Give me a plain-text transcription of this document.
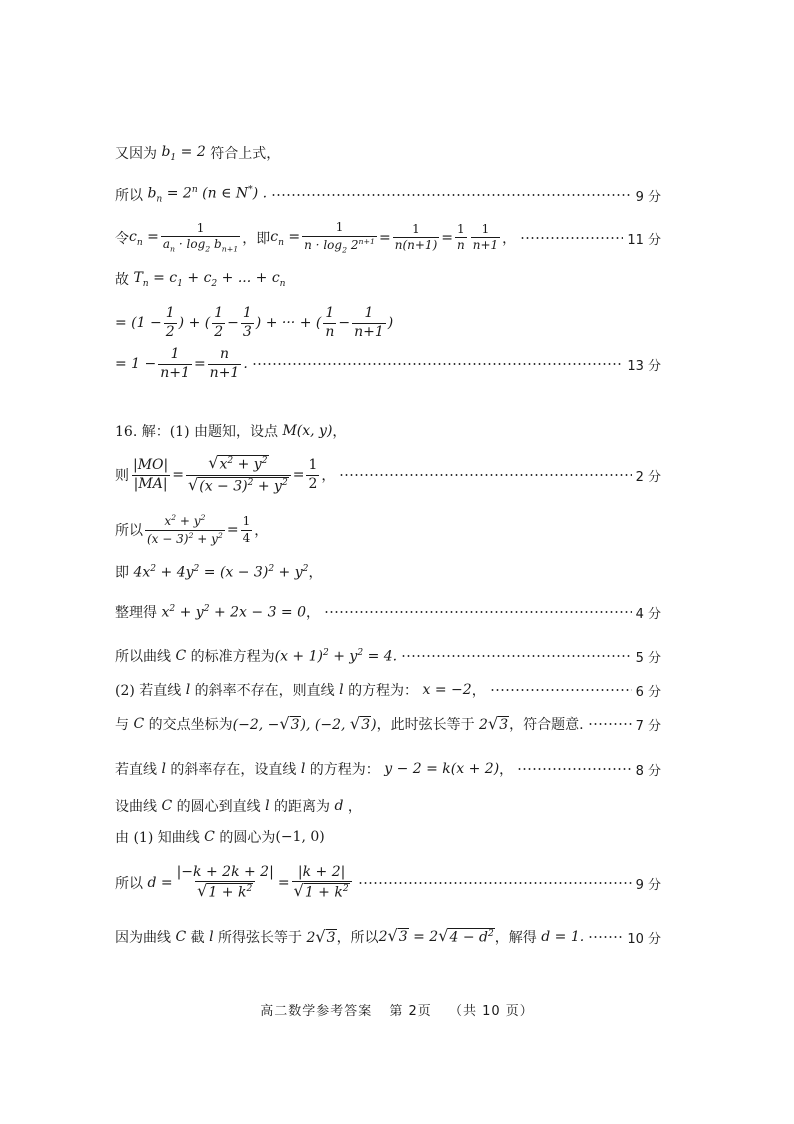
又因为 $b_1 = 2$ 符合上式，
所以 $b_n = 2^n$ (n ∈ N*) .	9 分
令 $c_n = \frac{1}{a_n \cdot \log_2 b_{n+1}}$ ，即 $c_n = \frac{1}{n \cdot \log_2 2^{n+1}} = \frac{1}{n(n+1)} = \frac{1}{n} \frac{1}{n+1}$ ，	11 分
故 $T_n = c_1 + c_2$ + ... + $c_n$
= ($1 - \frac{1}{2}$ ) + ( $\frac{1}{2} - \frac{1}{3}$ ) + ··· + ( $\frac{1}{n} - \frac{1}{n+1}$ )
= $1 - \frac{1}{n+1} = \frac{n}{n+1}$ .	13 分
16. 解：(1) 由题知，设点 M(x, y) ，
则 $\frac{|MO|}{|MA|} = \frac{√ x^2 + y^2}{√ (x - 3)^2 + y^2} = \frac{1}{2}$ ，	2 分
所以 $\frac{x^2 + y^2}{(x - 3)^2 + y^2} = \frac{1}{4}$ ，
即 $4x^2 + 4y^2 = (x - 3)^2 + y^2$ ，
整理得 $x^2 + y^2 + 2x - 3 = 0$ ，	4 分
所以曲线 C 的标准方程为 $(x + 1)^2 + y^2 = 4$.	5 分
(2) 若直线 l 的斜率不存在，则直线 l 的方程为： x = −2 ，	6 分
与 C 的交点坐标为 (−2, − √ 3 ), (−2, √ 3 ) ，此时弦长等于 2 √ 3 ，符合题意.	7 分
若直线 l 的斜率存在，设直线 l 的方程为： y − 2 = k(x + 2) ，	8 分
设曲线 C 的圆心到直线 l 的距离为 d ，
由 (1) 知曲线 C 的圆心为 (−1, 0)
所以 $d = \frac{|-k + 2k + 2|}{√ 1 + k^2} = \frac{|k + 2|}{√ 1 + k^2}$	9 分
因为曲线 C 截 l 所得弦长等于 2 √ 3 ，所以 2 √ 3 = 2 √ $4 - d^2$ ，解得 d = 1.	10 分
高二数学参考答案 第 2页 （共 10 页）
